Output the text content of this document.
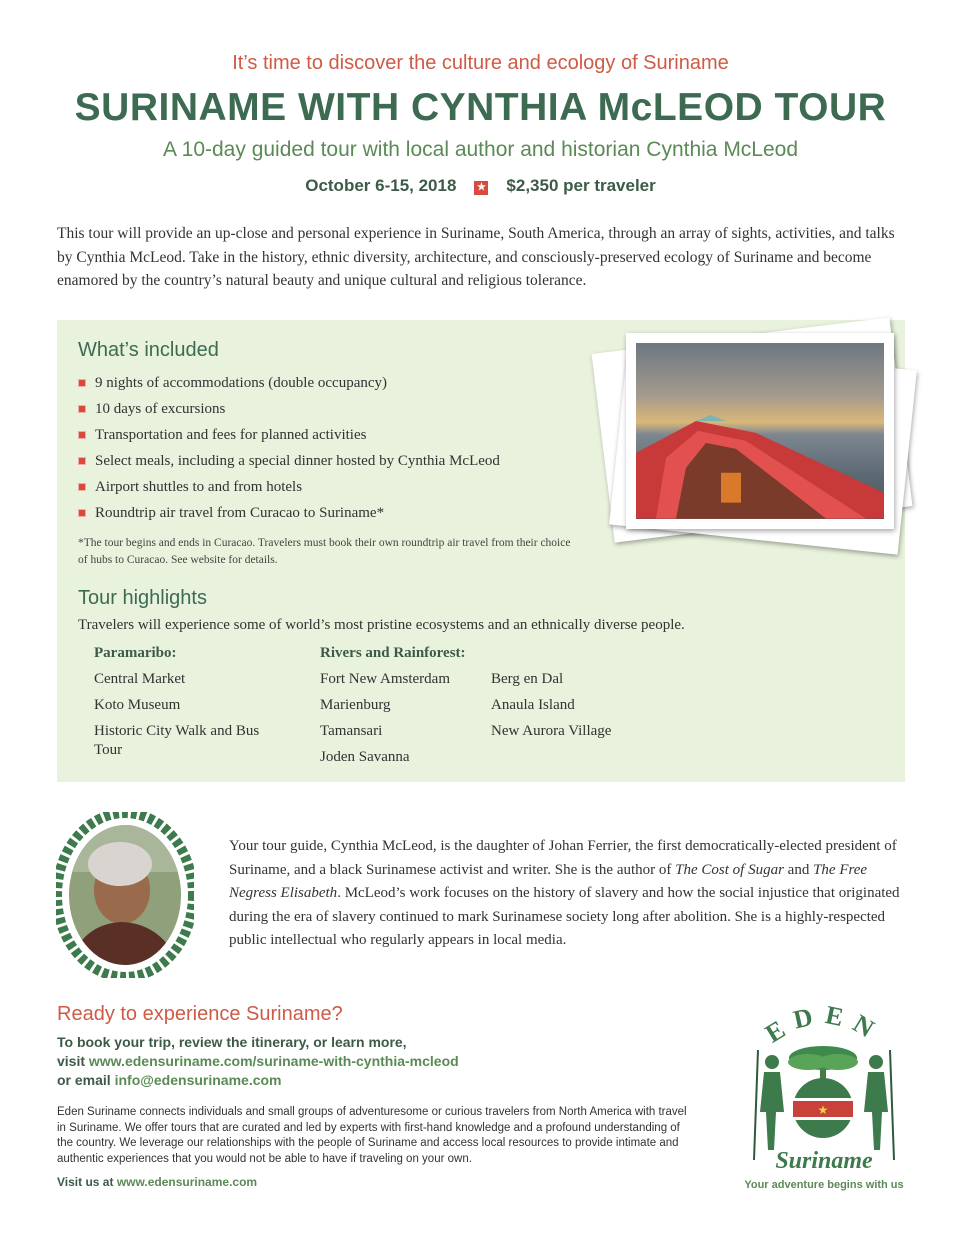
It’s time to discover the culture and ecology of Suriname
SURINAME WITH CYNTHIA McLEOD TOUR
A 10-day guided tour with local author and historian Cynthia McLeod
October 6-15, 2018 ★ $2,350 per traveler
This tour will provide an up-close and personal experience in Suriname, South America, through an array of sights, activities, and talks by Cynthia McLeod. Take in the history, ethnic diversity, architecture, and consciously-preserved ecology of Suriname and become enamored by the country’s natural beauty and unique cultural and religious tolerance.
What’s included
9 nights of accommodations (double occupancy)
10 days of excursions
Transportation and fees for planned activities
Select meals, including a special dinner hosted by Cynthia McLeod
Airport shuttles to and from hotels
Roundtrip air travel from Curacao to Suriname*
*The tour begins and ends in Curacao. Travelers must book their own roundtrip air travel from their choice of hubs to Curacao. See website for details.
Tour highlights
Travelers will experience some of world’s most pristine ecosystems and an ethnically diverse people.
Paramaribo:
Central Market
Koto Museum
Historic City Walk and Bus Tour
Rivers and Rainforest:
Fort New Amsterdam
Marienburg
Tamansari
Joden Savanna
Berg en Dal
Anaula Island
New Aurora Village
Your tour guide, Cynthia McLeod, is the daughter of Johan Ferrier, the first democratically-elected president of Suriname, and a black Surinamese activist and writer. She is the author of The Cost of Sugar and The Free Negress Elisabeth. McLeod’s work focuses on the history of slavery and how the social injustice that originated during the era of slavery continued to mark Surinamese society long after abolition. She is a highly-respected public intellectual who regularly appears in local media.
Ready to experience Suriname?
To book your trip, review the itinerary, or learn more,
visit www.edensuriname.com/suriname-with-cynthia-mcleod
or email info@edensuriname.com
Eden Suriname connects individuals and small groups of adventuresome or curious travelers from North America with travel in Suriname. We offer tours that are curated and led by experts with first-hand knowledge and a profound understanding of the country. We leverage our relationships with the people of Suriname and access local resources to provide intimate and authentic experiences that you would not be able to have if traveling on your own.
Visit us at www.edensuriname.com
EDEN
★
Suriname
Your adventure begins with us
